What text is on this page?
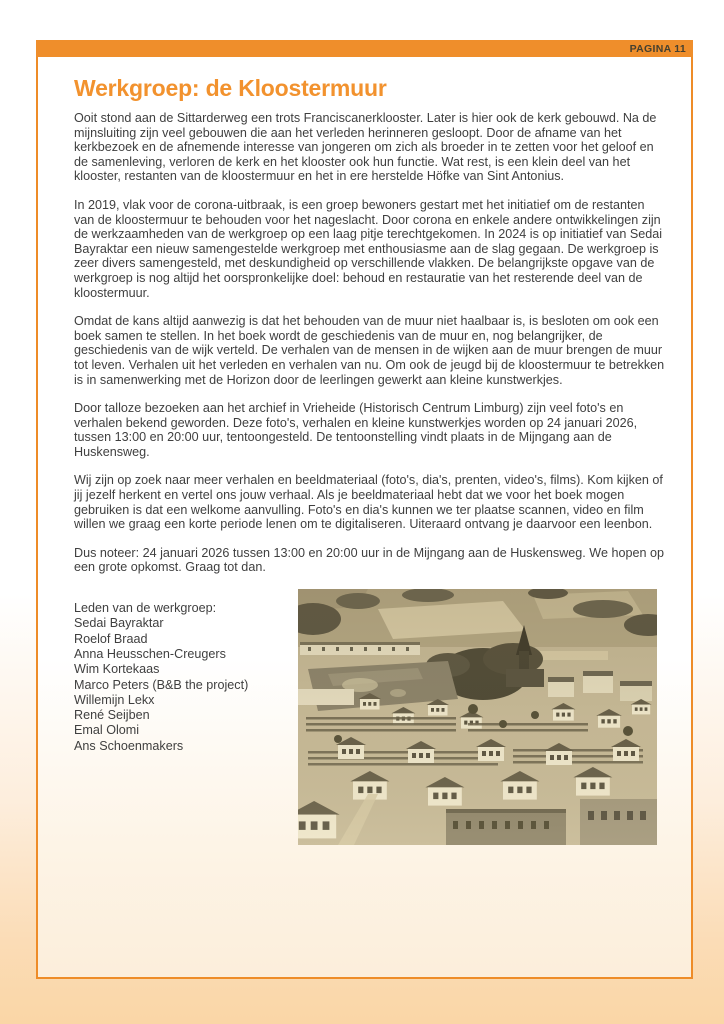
PAGINA 11
Werkgroep: de Kloostermuur

Ooit stond aan de Sittarderweg een trots Franciscanerklooster. Later is hier ook de kerk gebouwd. Na de mijnsluiting zijn veel gebouwen die aan het verleden herinneren gesloopt. Door de afname van het kerkbezoek en de afnemende interesse van jongeren om zich als broeder in te zetten voor het geloof en de samenleving, verloren de kerk en het klooster ook hun functie. Wat rest, is een klein deel van het klooster, restanten van de kloostermuur en het in ere herstelde Höfke van Sint Antonius.

In 2019, vlak voor de corona-uitbraak, is een groep bewoners gestart met het initiatief om de restanten van de kloostermuur te behouden voor het nageslacht. Door corona en enkele andere ontwikkelingen zijn de werkzaamheden van de werkgroep op een laag pitje terechtgekomen. In 2024 is op initiatief van Sedai Bayraktar een nieuw samengestelde werkgroep met enthousiasme aan de slag gegaan. De werkgroep is zeer divers samengesteld, met deskundigheid op verschillende vlakken. De belangrijkste opgave van de werkgroep is nog altijd het oorspronkelijke doel: behoud en restauratie van het resterende deel van de kloostermuur.

Omdat de kans altijd aanwezig is dat het behouden van de muur niet haalbaar is, is besloten om ook een boek samen te stellen. In het boek wordt de geschiedenis van de muur en, nog belangrijker, de geschiedenis van de wijk verteld. De verhalen van de mensen in de wijken aan de muur brengen de muur tot leven. Verhalen uit het verleden en verhalen van nu. Om ook de jeugd bij de kloostermuur te betrekken is in samenwerking met de Horizon door de leerlingen gewerkt aan kleine kunstwerkjes.

Door talloze bezoeken aan het archief in Vrieheide (Historisch Centrum Limburg) zijn veel foto's en verhalen bekend geworden. Deze foto's, verhalen en kleine kunstwerkjes worden op 24 januari 2026, tussen 13:00 en 20:00 uur, tentoongesteld. De tentoonstelling vindt plaats in de Mijngang aan de Huskensweg.

Wij zijn op zoek naar meer verhalen en beeldmateriaal (foto's, dia's, prenten, video's, films). Kom kijken of jij jezelf herkent en vertel ons jouw verhaal. Als je beeldmateriaal hebt dat we voor het boek mogen gebruiken is dat een welkome aanvulling. Foto's en dia's kunnen we ter plaatse scannen, video en film willen we graag een korte periode lenen om te digitaliseren. Uiteraard ontvang je daarvoor een leenbon.

Dus noteer: 24 januari 2026 tussen 13:00 en 20:00 uur in de Mijngang aan de Huskensweg. We hopen op een grote opkomst. Graag tot dan.

Leden van de werkgroep:
Sedai Bayraktar
Roelof Braad
Anna Heusschen-Creugers
Wim Kortekaas
Marco Peters (B&B the project)
Willemijn Lekx
René Seijben
Emal Olomi
Ans Schoenmakers
